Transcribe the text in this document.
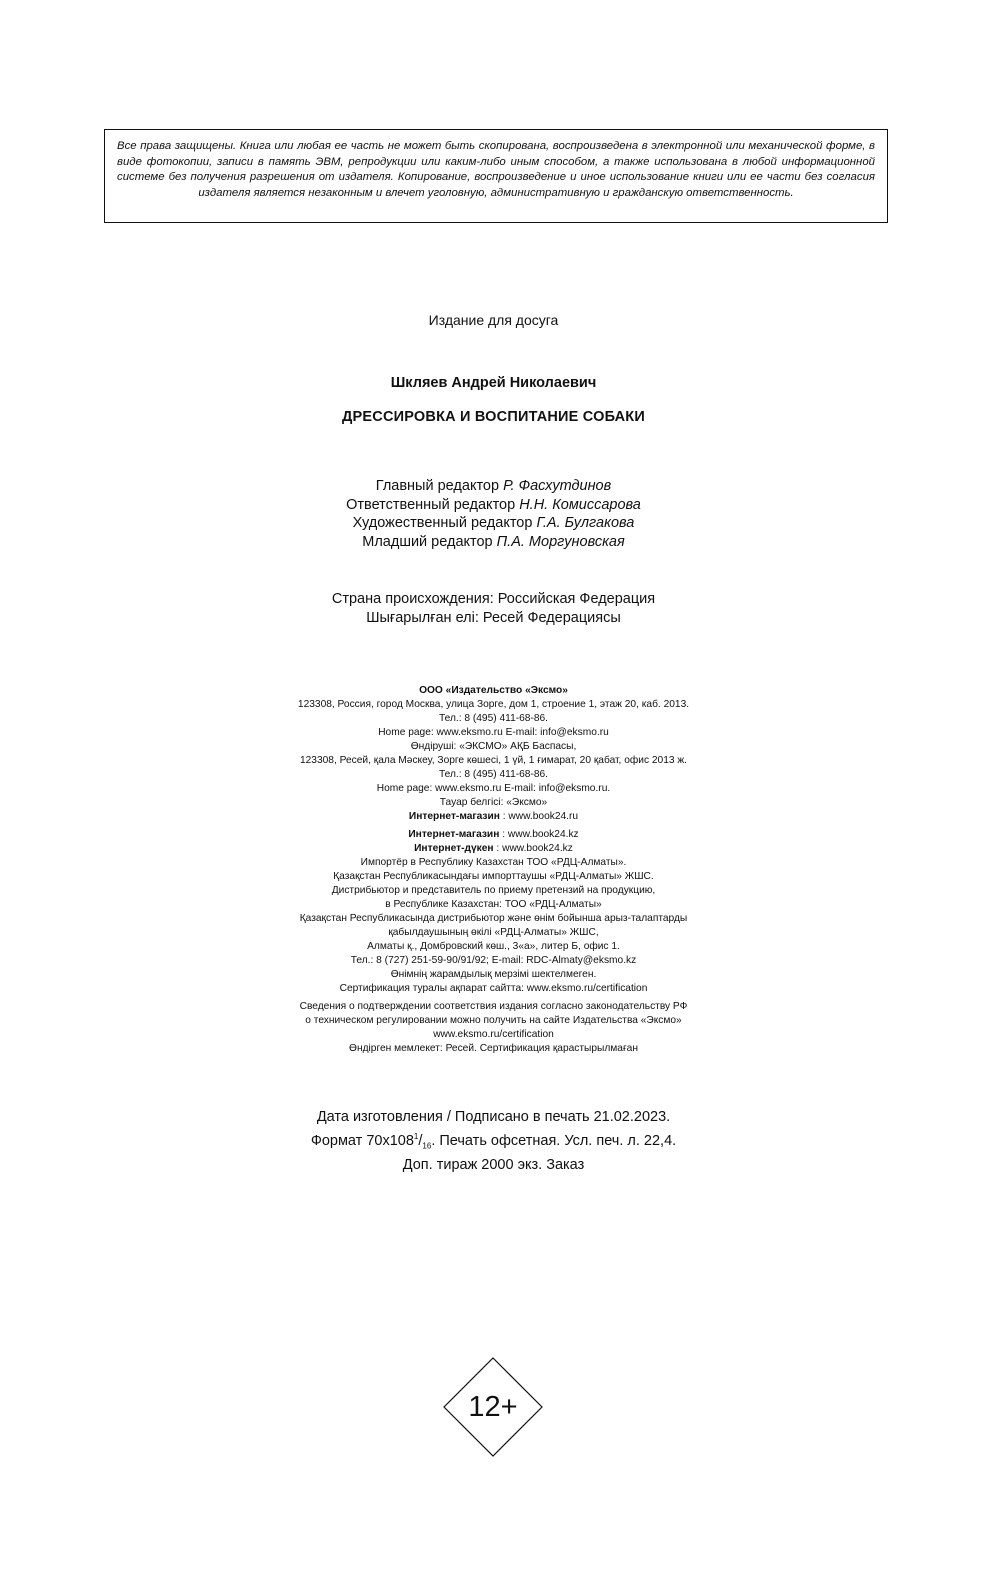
Все права защищены. Книга или любая ее часть не может быть скопирована, воспроизведена в электронной или механической форме, в виде фотокопии, записи в память ЭВМ, репродукции или каким-либо иным способом, а также использована в любой информационной системе без получения разрешения от издателя. Копирование, воспроизведение и иное использование книги или ее части без согласия издателя является незаконным и влечет уголовную, административную и гражданскую ответственность.
Издание для досуга
Шкляев Андрей Николаевич
ДРЕССИРОВКА И ВОСПИТАНИЕ СОБАКИ
Главный редактор Р. Фасхутдинов
Ответственный редактор Н.Н. Комиссарова
Художественный редактор Г.А. Булгакова
Младший редактор П.А. Моргуновская
Страна происхождения: Российская Федерация
Шығарылған елі: Ресей Федерациясы
ООО «Издательство «Эксмо»
123308, Россия, город Москва, улица Зорге, дом 1, строение 1, этаж 20, каб. 2013.
Тел.: 8 (495) 411-68-86.
Home page: www.eksmo.ru E-mail: info@eksmo.ru
Өндіруші: «ЭКСМО» АҚБ Баспасы,
123308, Ресей, қала Мәскеу, Зорге көшесі, 1 үй, 1 ғимарат, 20 қабат, офис 2013 ж.
Тел.: 8 (495) 411-68-86.
Home page: www.eksmo.ru E-mail: info@eksmo.ru.
Тауар белгісі: «Эксмо»
Интернет-магазин : www.book24.ru
Интернет-магазин : www.book24.kz
Интернет-дүкен : www.book24.kz
Импортёр в Республику Казахстан ТОО «РДЦ-Алматы».
Қазақстан Республикасындағы импорттаушы «РДЦ-Алматы» ЖШС.
Дистрибьютор и представитель по приему претензий на продукцию,
в Республике Казахстан: ТОО «РДЦ-Алматы»
Қазақстан Республикасында дистрибьютор және өнім бойынша арыз-талаптарды
қабылдаушының өкілі «РДЦ-Алматы» ЖШС,
Алматы қ., Домбровский көш., 3«а», литер Б, офис 1.
Тел.: 8 (727) 251-59-90/91/92; E-mail: RDC-Almaty@eksmo.kz
Өнімнің жарамдылық мерзімі шектелмеген.
Сертификация туралы ақпарат сайтта: www.eksmo.ru/certification
Сведения о подтверждении соответствия издания согласно законодательству РФ
о техническом регулировании можно получить на сайте Издательства «Эксмо»
www.eksmo.ru/certification
Өндірген мемлекет: Ресей. Сертификация қарастырылмаған
Дата изготовления / Подписано в печать 21.02.2023.
Формат $70x108^1/_{16}$. Печать офсетная. Усл. печ. л. 22,4.
Доп. тираж 2000 экз. Заказ
12+
